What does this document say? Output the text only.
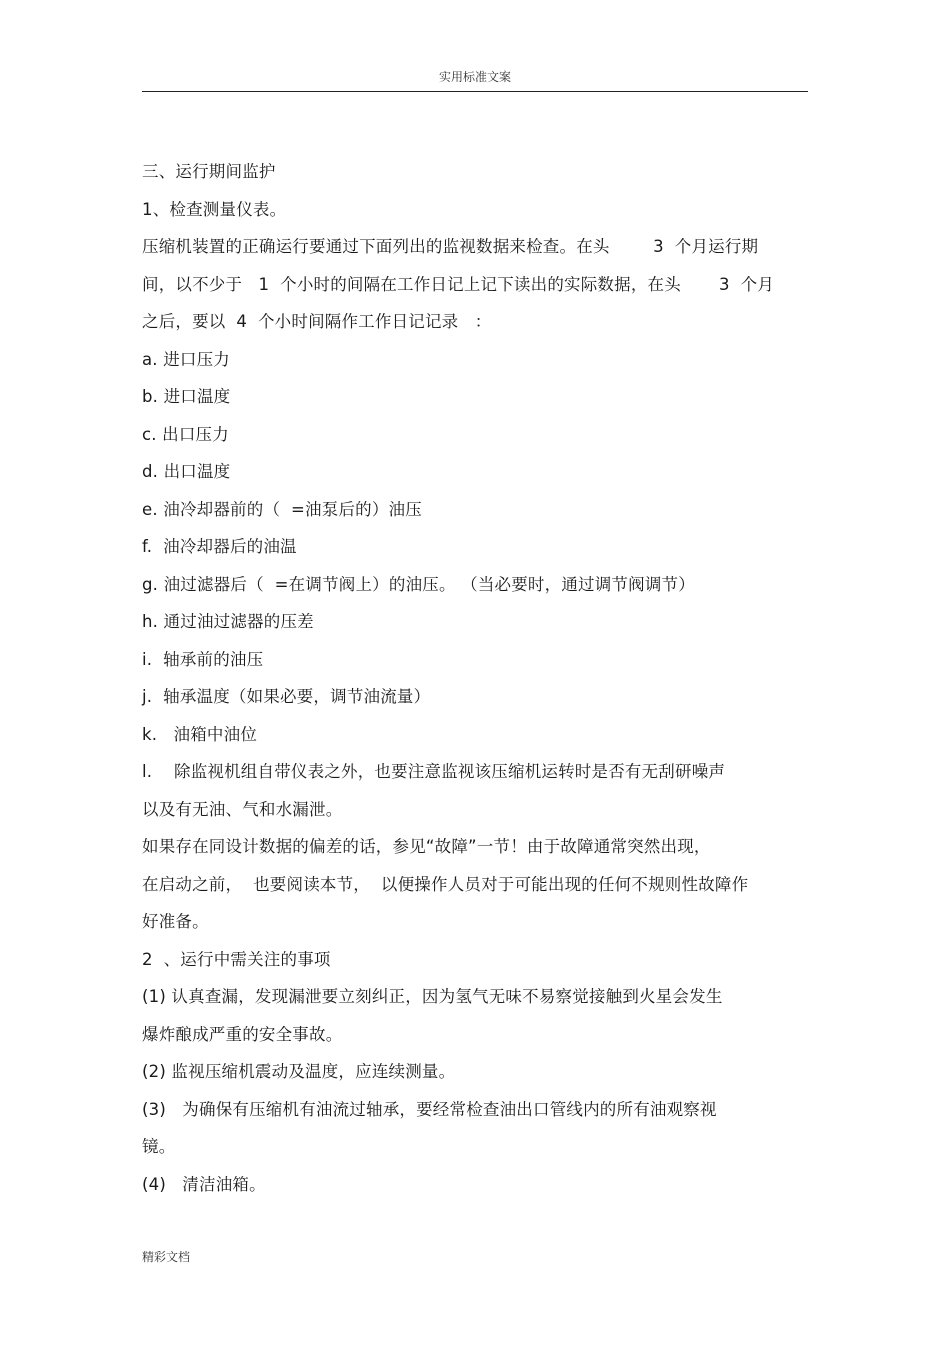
实用标准文案
三、运行期间监护
1、检查测量仪表。
压缩机装置的正确运行要通过下面列出的监视数据来检查。在头        3  个月运行期
间，以不少于   1  个小时的间隔在工作日记上记下读出的实际数据，在头       3  个月
之后，要以  4  个小时间隔作工作日记记录   ：
a. 进口压力
b. 进口温度
c. 出口压力
d. 出口温度
e. 油冷却器前的（  =油泵后的）油压
f.  油冷却器后的油温
g. 油过滤器后（  =在调节阀上）的油压。 （当必要时，通过调节阀调节）
h. 通过油过滤器的压差
i.  轴承前的油压
j.  轴承温度（如果必要，调节油流量）
k.   油箱中油位
l.    除监视机组自带仪表之外，也要注意监视该压缩机运转时是否有无刮研噪声
以及有无油、气和水漏泄。
如果存在同设计数据的偏差的话，参见“故障”一节！由于故障通常突然出现，
在启动之前，  也要阅读本节，  以便操作人员对于可能出现的任何不规则性故障作
好准备。
2  、运行中需关注的事项
(1) 认真查漏，发现漏泄要立刻纠正，因为氢气无味不易察觉接触到火星会发生
爆炸酿成严重的安全事故。
(2) 监视压缩机震动及温度，应连续测量。
(3)   为确保有压缩机有油流过轴承，要经常检查油出口管线内的所有油观察视
镜。
(4)   清洁油箱。
精彩文档
